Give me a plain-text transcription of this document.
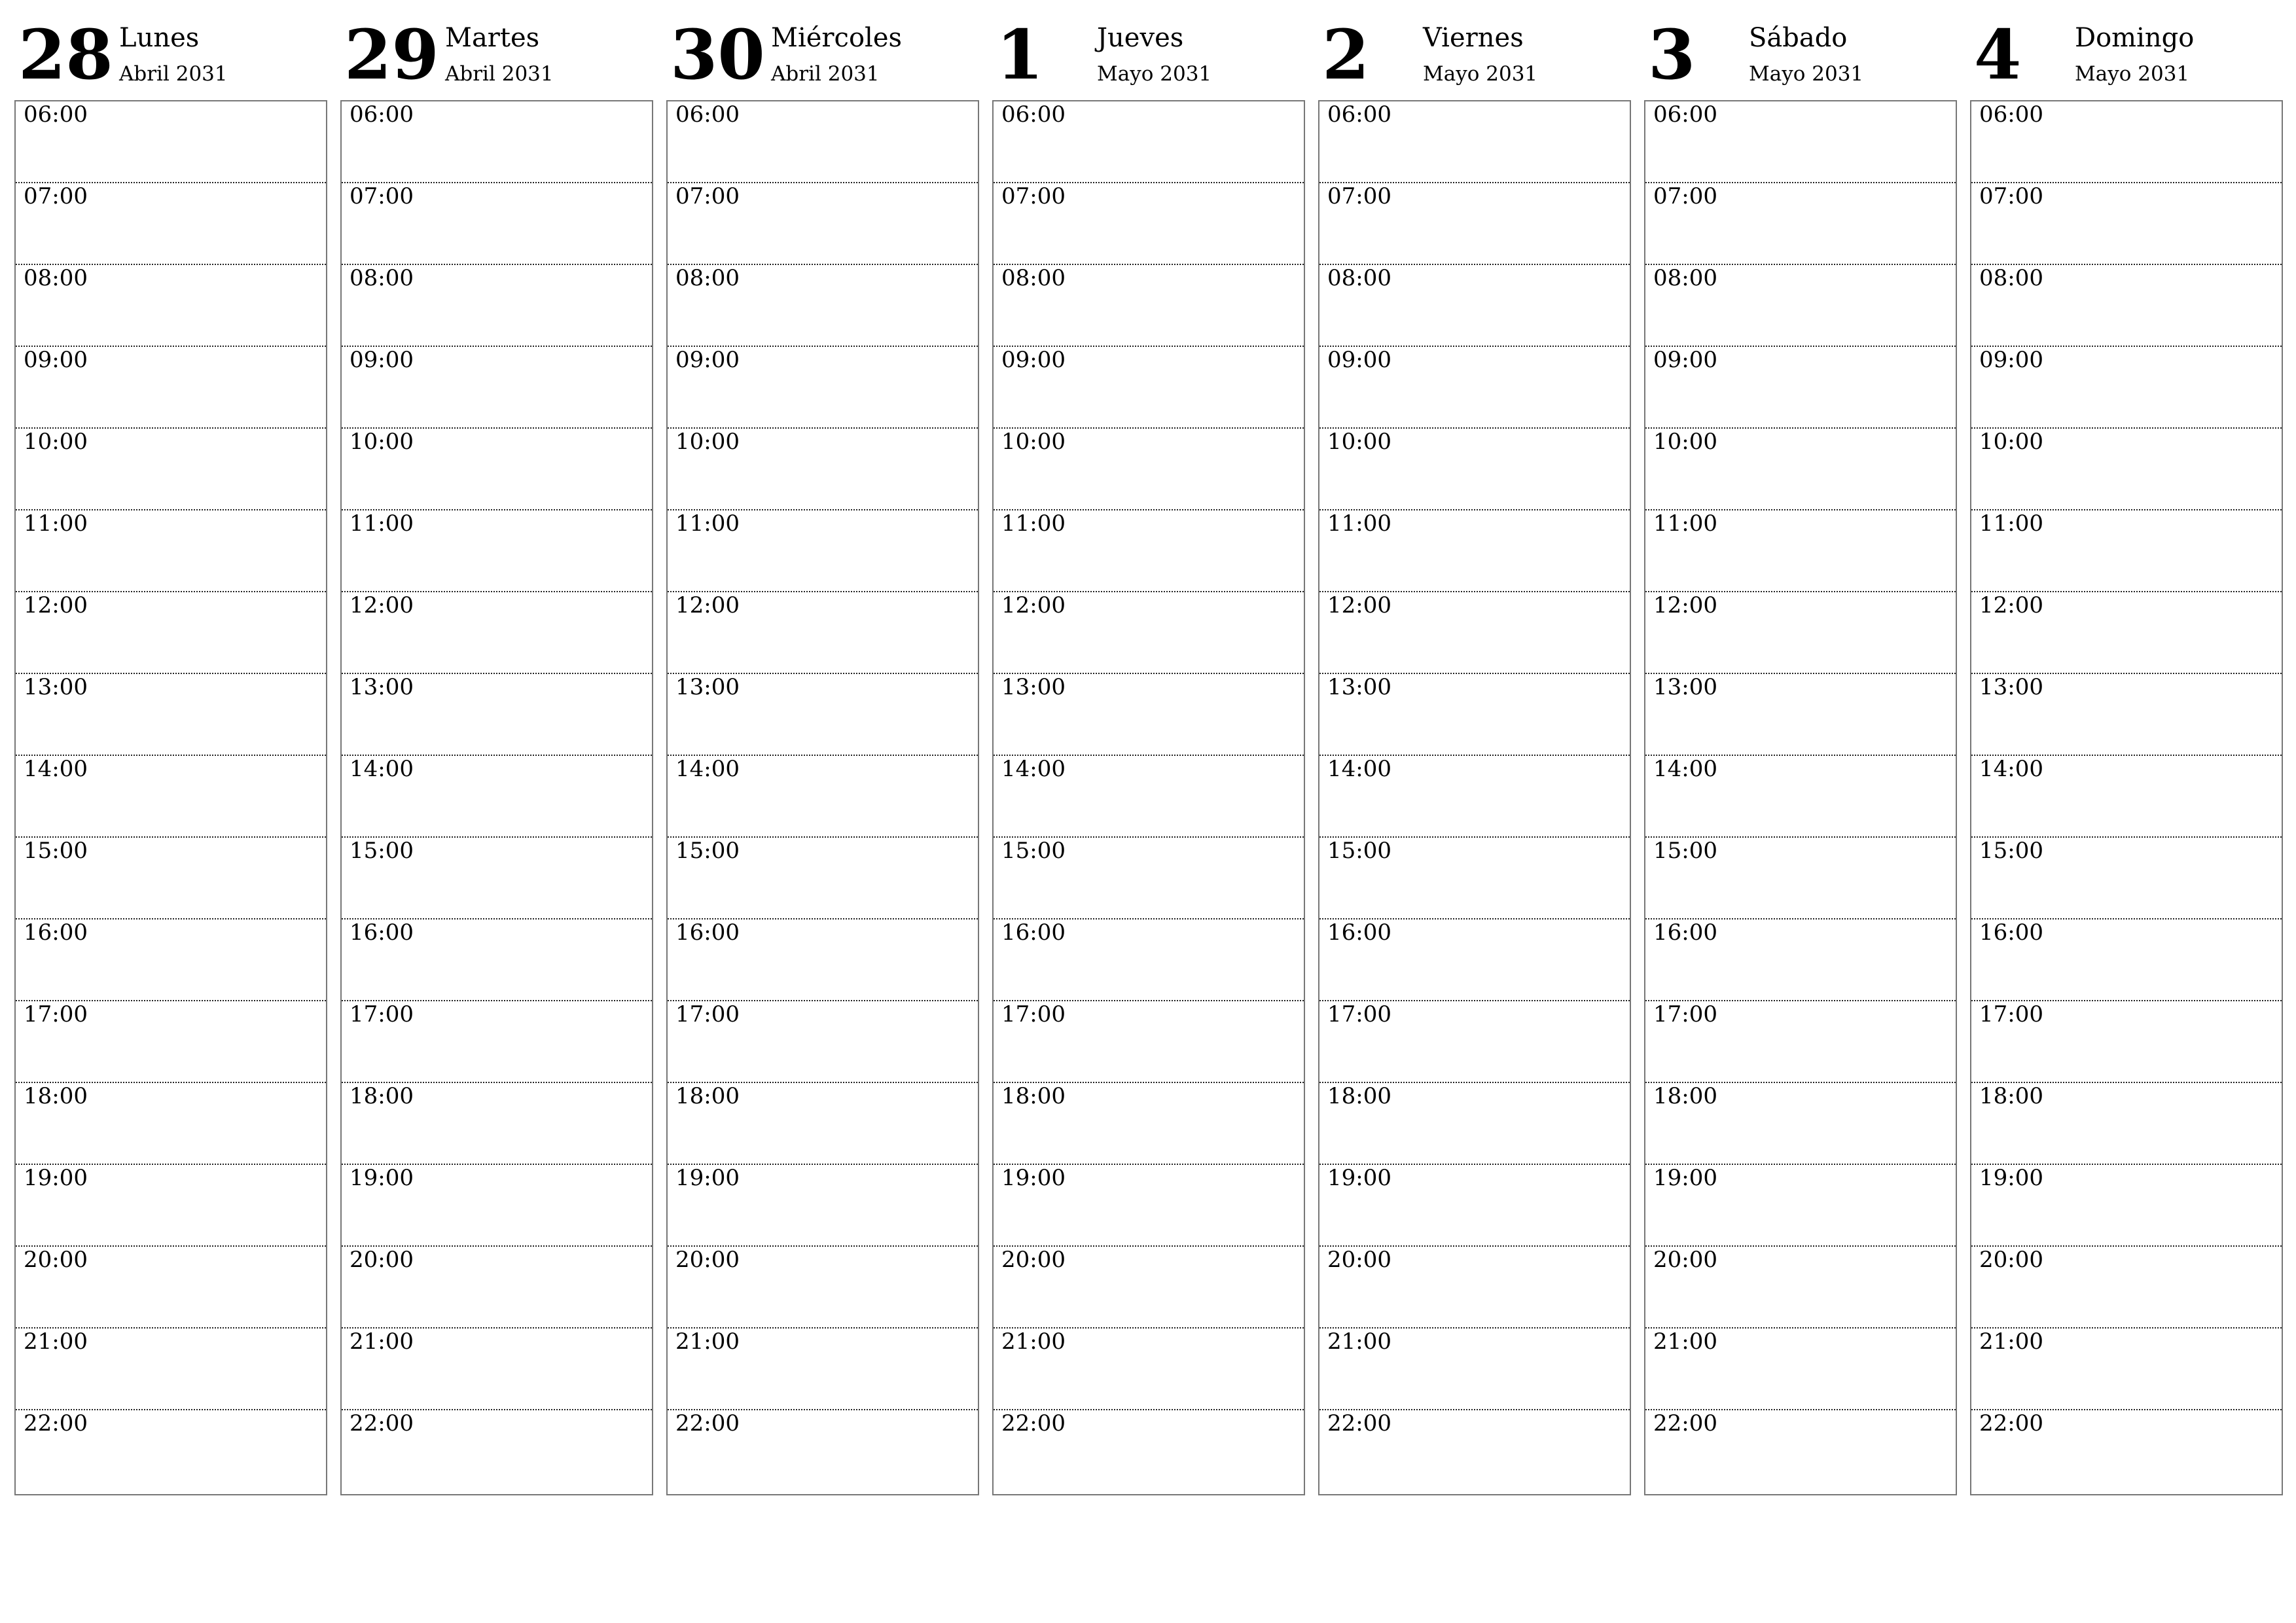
28 Lunes
Abril 2031
06:00
07:00
08:00
09:00
10:00
11:00
12:00
13:00
14:00
15:00
16:00
17:00
18:00
19:00
20:00
21:00
22:00
29 Martes
Abril 2031
06:00
07:00
08:00
09:00
10:00
11:00
12:00
13:00
14:00
15:00
16:00
17:00
18:00
19:00
20:00
21:00
22:00
30 Miércoles
Abril 2031
06:00
07:00
08:00
09:00
10:00
11:00
12:00
13:00
14:00
15:00
16:00
17:00
18:00
19:00
20:00
21:00
22:00
1 Jueves
Mayo 2031
06:00
07:00
08:00
09:00
10:00
11:00
12:00
13:00
14:00
15:00
16:00
17:00
18:00
19:00
20:00
21:00
22:00
2 Viernes
Mayo 2031
06:00
07:00
08:00
09:00
10:00
11:00
12:00
13:00
14:00
15:00
16:00
17:00
18:00
19:00
20:00
21:00
22:00
3 Sábado
Mayo 2031
06:00
07:00
08:00
09:00
10:00
11:00
12:00
13:00
14:00
15:00
16:00
17:00
18:00
19:00
20:00
21:00
22:00
4 Domingo
Mayo 2031
06:00
07:00
08:00
09:00
10:00
11:00
12:00
13:00
14:00
15:00
16:00
17:00
18:00
19:00
20:00
21:00
22:00
